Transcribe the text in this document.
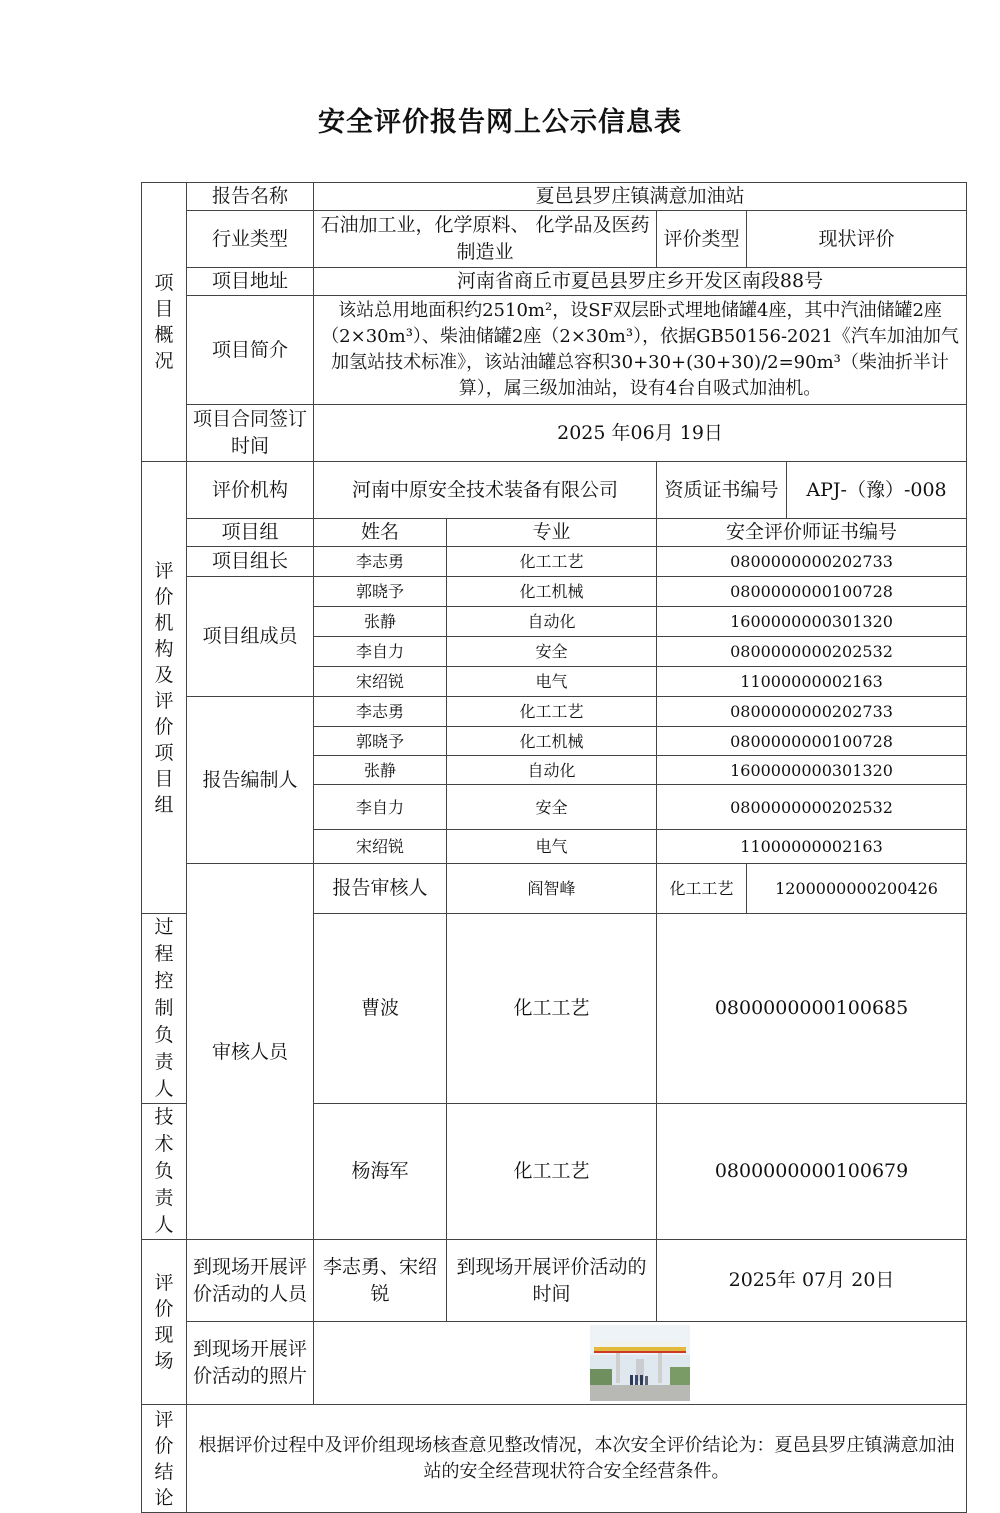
安全评价报告网上公示信息表
项目概况	报告名称	夏邑县罗庄镇满意加油站				
	行业类型	石油加工业，化学原料、 化学品及医药制造业		评价类型	现状评价	
	项目地址	河南省商丘市夏邑县罗庄乡开发区南段88号				
	项目简介	该站总用地面积约2510m²，设SF双层卧式埋地储罐4座，其中汽油储罐2座（2×30m³）、柴油储罐2座（2×30m³），依据GB50156-2021《汽车加油加气加氢站技术标准》，该站油罐总容积30+30+(30+30)/2=90m³（柴油折半计算），属三级加油站，设有4台自吸式加油机。				
	项目合同签订时间	2025 年06月 19日				
评价机构及评价项目组	评价机构	河南中原安全技术装备有限公司		资质证书编号		APJ-（豫）-008
	项目组	姓名	专业	安全评价师证书编号		
	项目组长	李志勇	化工工艺	0800000000202733		
	项目组成员	郭晓予	化工机械	0800000000100728		
		张静	自动化	1600000000301320		
		李自力	安全	0800000000202532		
		宋绍锐	电气	11000000002163		
	报告编制人	李志勇	化工工艺	0800000000202733		
		郭晓予	化工机械	0800000000100728		
		张静	自动化	1600000000301320		
		李自力	安全	0800000000202532		
		宋绍锐	电气	11000000002163		
	审核人员	报告审核人	阎智峰	化工工艺	1200000000200426	
过程控制负责人		曹波	化工工艺	0800000000100685		
技术负责人		杨海军	化工工艺	0800000000100679		
评价现场	到现场开展评价活动的人员	李志勇、宋绍锐	到现场开展评价活动的时间	2025年 07月 20日		
	到现场开展评价活动的照片	
评价结论	根据评价过程中及评价组现场核查意见整改情况，本次安全评价结论为：夏邑县罗庄镇满意加油站的安全经营现状符合安全经营条件。					
